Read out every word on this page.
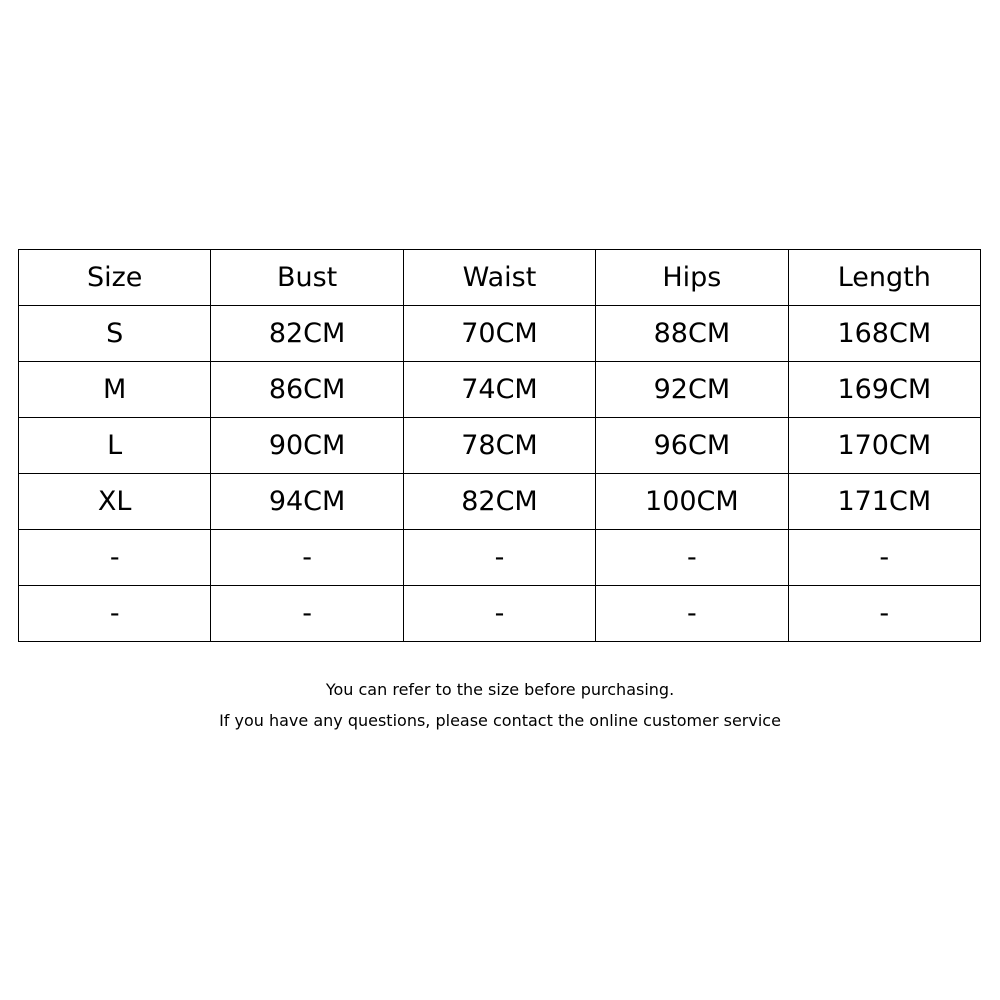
Size	Bust	Waist	Hips	Length
S	82CM	70CM	88CM	168CM
M	86CM	74CM	92CM	169CM
L	90CM	78CM	96CM	170CM
XL	94CM	82CM	100CM	171CM
-	-	-	-	-
-	-	-	-	-
You can refer to the size before purchasing.
If you have any questions, please contact the online customer service
